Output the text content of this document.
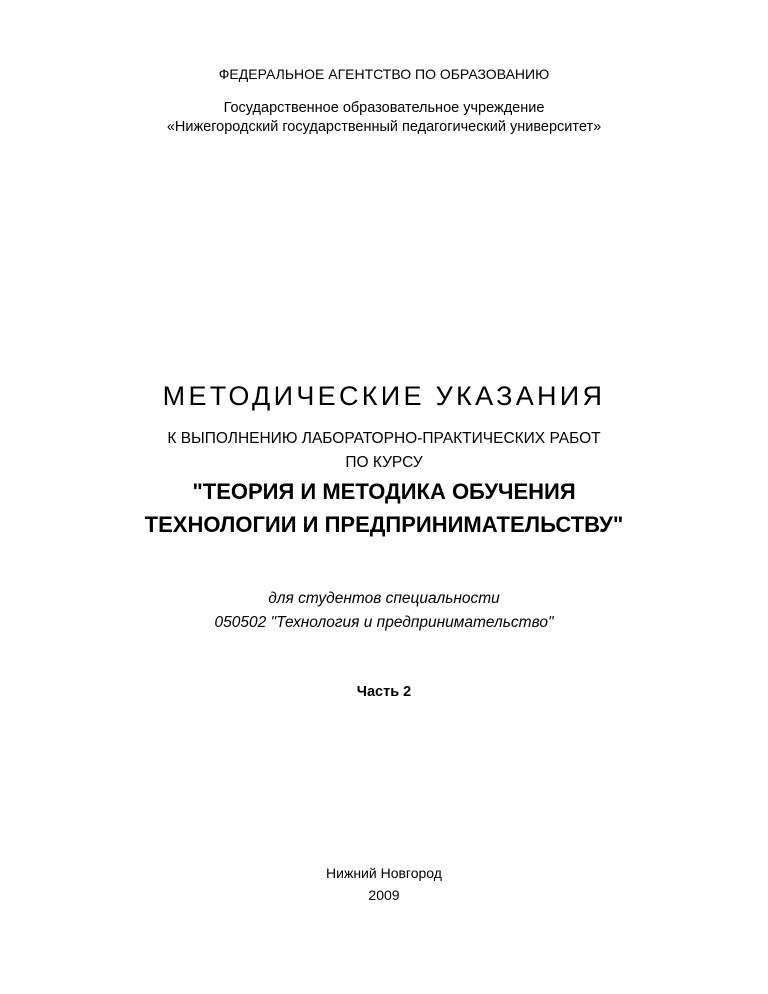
ФЕДЕРАЛЬНОЕ АГЕНТСТВО ПО ОБРАЗОВАНИЮ
Государственное образовательное учреждение
«Нижегородский государственный педагогический университет»
МЕТОДИЧЕСКИЕ УКАЗАНИЯ
К ВЫПОЛНЕНИЮ ЛАБОРАТОРНО-ПРАКТИЧЕСКИХ РАБОТ
ПО КУРСУ
"ТЕОРИЯ И МЕТОДИКА ОБУЧЕНИЯ
ТЕХНОЛОГИИ И ПРЕДПРИНИМАТЕЛЬСТВУ"
для студентов специальности
050502 "Технология и предпринимательство"
Часть 2
Нижний Новгород
2009
